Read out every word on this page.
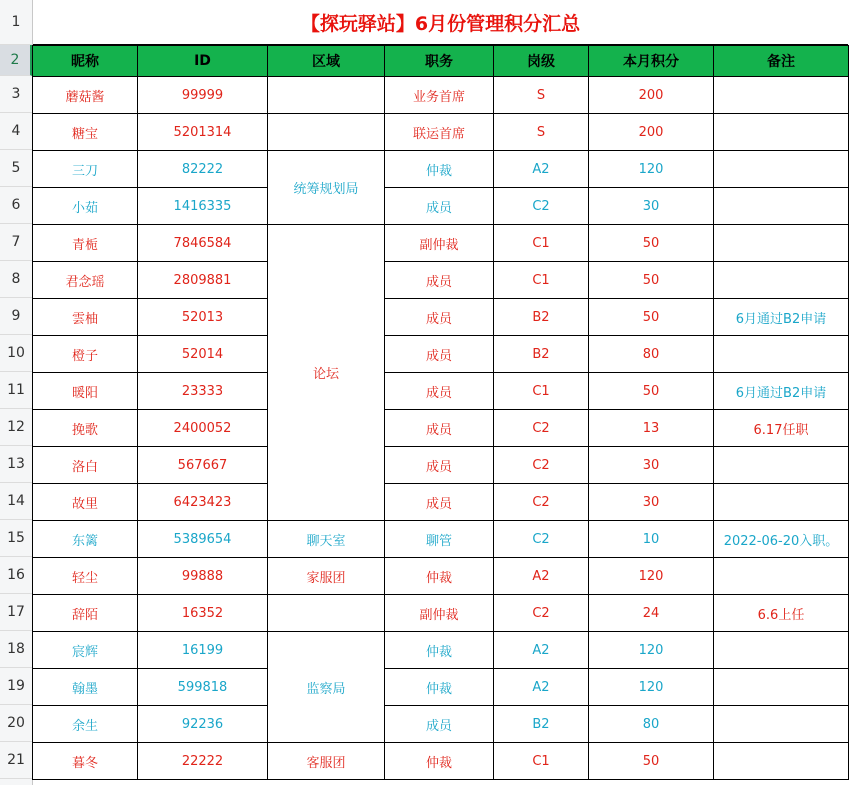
1
2
3
4
5
6
7
8
9
10
11
12
13
14
15
16
17
18
19
20
21
【探玩驿站】6月份管理积分汇总
昵称	ID	区域	职务	岗级	本月积分	备注
蘑菇酱	99999		业务首席	S	200	
糖宝	5201314		联运首席	S	200	
三刀	82222	统筹规划局	仲裁	A2	120	
小茹	1416335		成员	C2	30	
青栀	7846584	论坛	副仲裁	C1	50	
君念瑶	2809881		成员	C1	50	
雲柚	52013		成员	B2	50	6月通过B2申请
橙子	52014		成员	B2	80	
暖阳	23333		成员	C1	50	6月通过B2申请
挽歌	2400052		成员	C2	13	6.17任职
洛白	567667		成员	C2	30	
故里	6423423		成员	C2	30	
东篱	5389654	聊天室	聊管	C2	10	2022-06-20入职。
轻尘	99888	家服团	仲裁	A2	120	
辞陌	16352		副仲裁	C2	24	6.6上任
宸辉	16199	监察局	仲裁	A2	120	
翰墨	599818		仲裁	A2	120	
余生	92236		成员	B2	80	
暮冬	22222	客服团	仲裁	C1	50	
